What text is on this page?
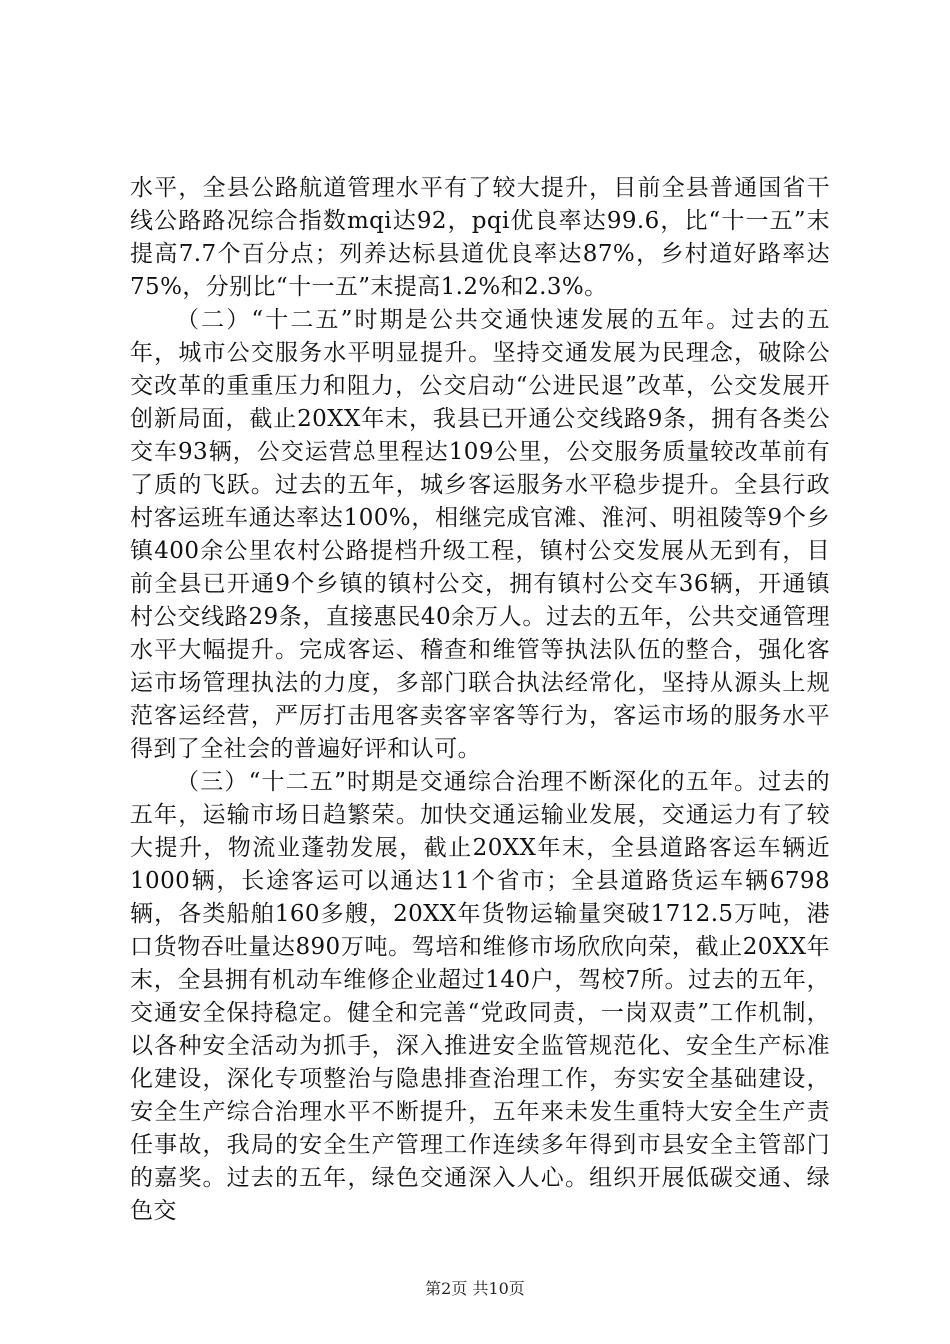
水平，全县公路航道管理水平有了较大提升，目前全县普通国省干线公路路况综合指数mqi达92，pqi优良率达99.6，比“十一五”末提高7.7个百分点；列养达标县道优良率达87%，乡村道好路率达75%，分别比“十一五”末提高1.2%和2.3%。

（二）“十二五”时期是公共交通快速发展的五年。过去的五年，城市公交服务水平明显提升。坚持交通发展为民理念，破除公交改革的重重压力和阻力，公交启动“公进民退”改革，公交发展开创新局面，截止20XX年末，我县已开通公交线路9条，拥有各类公交车93辆，公交运营总里程达109公里，公交服务质量较改革前有了质的飞跃。过去的五年，城乡客运服务水平稳步提升。全县行政村客运班车通达率达100%，相继完成官滩、淮河、明祖陵等9个乡镇400余公里农村公路提档升级工程，镇村公交发展从无到有，目前全县已开通9个乡镇的镇村公交，拥有镇村公交车36辆，开通镇村公交线路29条，直接惠民40余万人。过去的五年，公共交通管理水平大幅提升。完成客运、稽查和维管等执法队伍的整合，强化客运市场管理执法的力度，多部门联合执法经常化，坚持从源头上规范客运经营，严厉打击甩客卖客宰客等行为，客运市场的服务水平得到了全社会的普遍好评和认可。

（三）“十二五”时期是交通综合治理不断深化的五年。过去的五年，运输市场日趋繁荣。加快交通运输业发展，交通运力有了较大提升，物流业蓬勃发展，截止20XX年末，全县道路客运车辆近1000辆，长途客运可以通达11个省市；全县道路货运车辆6798辆，各类船舶160多艘，20XX年货物运输量突破1712.5万吨，港口货物吞吐量达890万吨。驾培和维修市场欣欣向荣，截止20XX年末，全县拥有机动车维修企业超过140户，驾校7所。过去的五年，交通安全保持稳定。健全和完善“党政同责，一岗双责”工作机制，以各种安全活动为抓手，深入推进安全监管规范化、安全生产标准化建设，深化专项整治与隐患排查治理工作，夯实安全基础建设，安全生产综合治理水平不断提升，五年来未发生重特大安全生产责任事故，我局的安全生产管理工作连续多年得到市县安全主管部门的嘉奖。过去的五年，绿色交通深入人心。组织开展低碳交通、绿色交

第2页 共10页
